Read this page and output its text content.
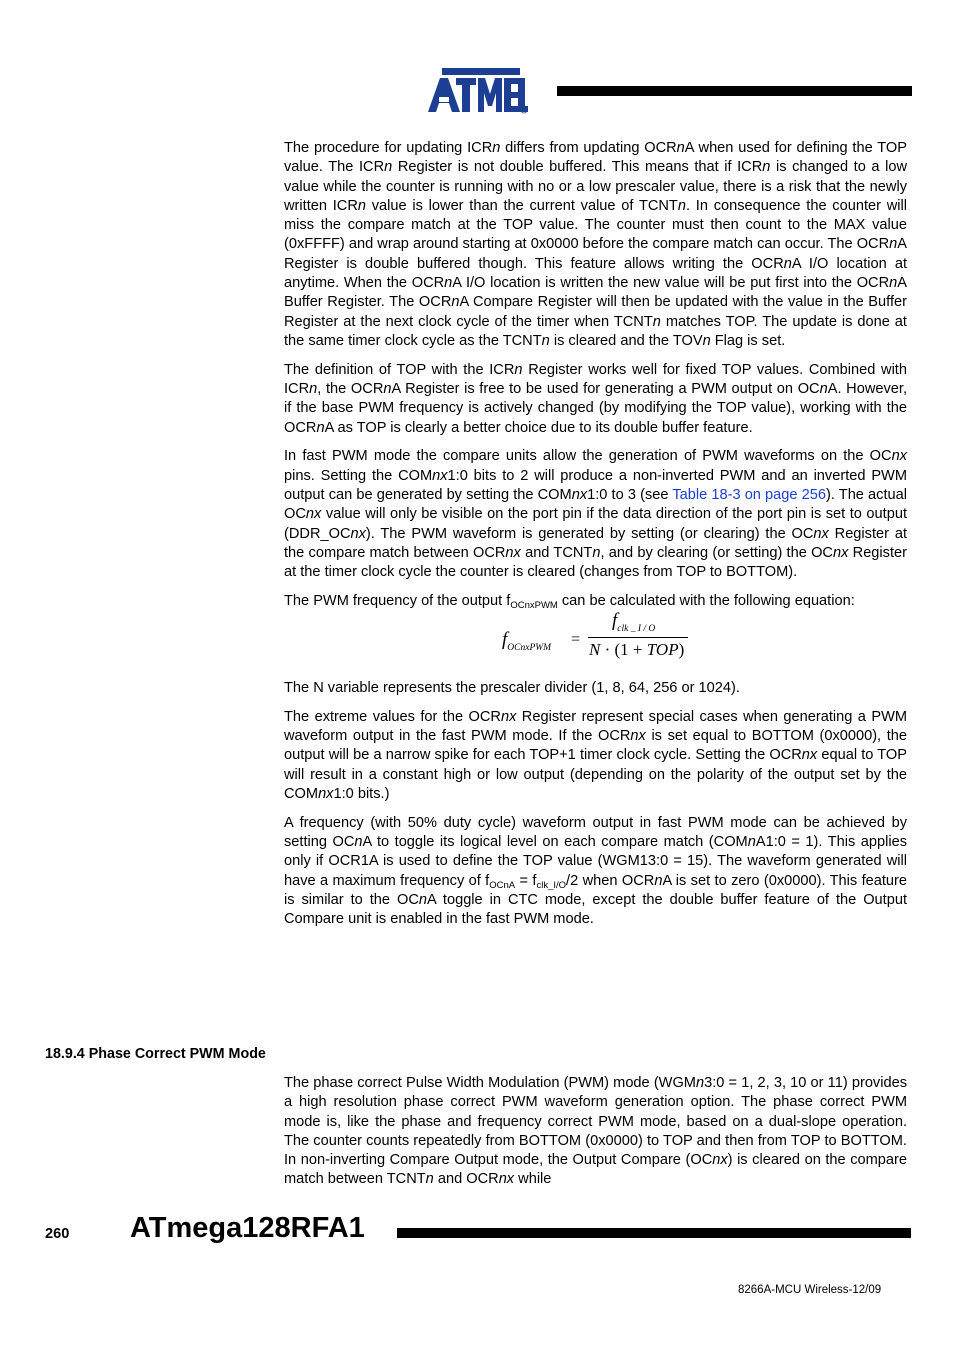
The procedure for updating ICRn differs from updating OCRnA when used for defining the TOP value. The ICRn Register is not double buffered. This means that if ICRn is changed to a low value while the counter is running with no or a low prescaler value, there is a risk that the newly written ICRn value is lower than the current value of TCNTn. In consequence the counter will miss the compare match at the TOP value. The counter must then count to the MAX value (0xFFFF) and wrap around starting at 0x0000 before the compare match can occur. The OCRnA Register is double buffered though. This feature allows writing the OCRnA I/O location at anytime. When the OCRnA I/O location is written the new value will be put first into the OCRnA Buffer Register. The OCRnA Compare Register will then be updated with the value in the Buffer Register at the next clock cycle of the timer when TCNTn matches TOP. The update is done at the same timer clock cycle as the TCNTn is cleared and the TOVn Flag is set.

The definition of TOP with the ICRn Register works well for fixed TOP values. Combined with ICRn, the OCRnA Register is free to be used for generating a PWM output on OCnA. However, if the base PWM frequency is actively changed (by modifying the TOP value), working with the OCRnA as TOP is clearly a better choice due to its double buffer feature.

In fast PWM mode the compare units allow the generation of PWM waveforms on the OCnx pins. Setting the COMnx1:0 bits to 2 will produce a non-inverted PWM and an inverted PWM output can be generated by setting the COMnx1:0 to 3 (see Table 18-3 on page 256). The actual OCnx value will only be visible on the port pin if the data direction of the port pin is set to output (DDR_OCnx). The PWM waveform is generated by setting (or clearing) the OCnx Register at the compare match between OCRnx and TCNTn, and by clearing (or setting) the OCnx Register at the timer clock cycle the counter is cleared (changes from TOP to BOTTOM).

The PWM frequency of the output $f_{OCnxPWM}$ can be calculated with the following equation:

$f_{OCnxPWM}$ =
$f_{clk \_ I / O}$
N · (1 + TOP)

The N variable represents the prescaler divider (1, 8, 64, 256 or 1024).

The extreme values for the OCRnx Register represent special cases when generating a PWM waveform output in the fast PWM mode. If the OCRnx is set equal to BOTTOM (0x0000), the output will be a narrow spike for each TOP+1 timer clock cycle. Setting the OCRnx equal to TOP will result in a constant high or low output (depending on the polarity of the output set by the COMnx1:0 bits.)

A frequency (with 50% duty cycle) waveform output in fast PWM mode can be achieved by setting OCnA to toggle its logical level on each compare match (COMnA1:0 = 1). This applies only if OCR1A is used to define the TOP value (WGM13:0 = 15). The waveform generated will have a maximum frequency of $f_{OCnA} = f_{clk\_I/O}/2$ when OCRnA is set to zero (0x0000). This feature is similar to the OCnA toggle in CTC mode, except the double buffer feature of the Output Compare unit is enabled in the fast PWM mode.

18.9.4 Phase Correct PWM Mode

The phase correct Pulse Width Modulation (PWM) mode (WGMn3:0 = 1, 2, 3, 10 or 11) provides a high resolution phase correct PWM waveform generation option. The phase correct PWM mode is, like the phase and frequency correct PWM mode, based on a dual-slope operation. The counter counts repeatedly from BOTTOM (0x0000) to TOP and then from TOP to BOTTOM. In non-inverting Compare Output mode, the Output Compare (OCnx) is cleared on the compare match between TCNTn and OCRnx while

260 ATmega128RFA1
8266A-MCU Wireless-12/09
